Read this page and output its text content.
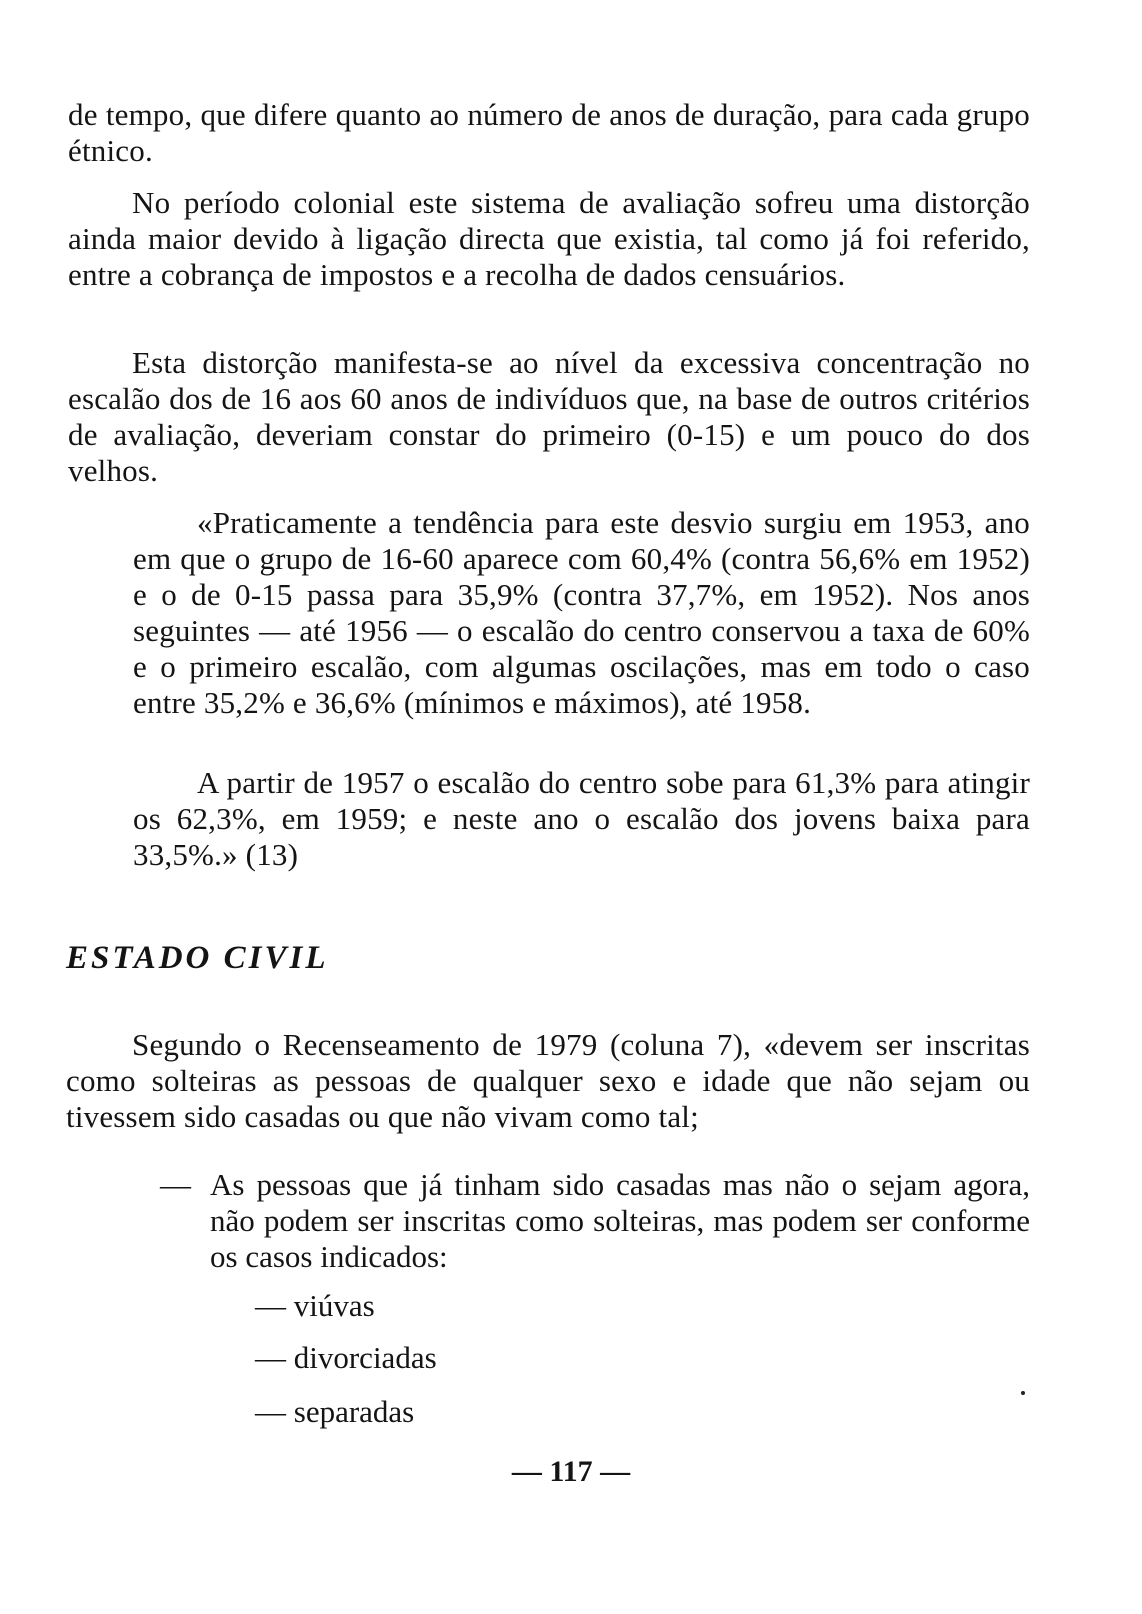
de tempo, que difere quanto ao número de anos de duração, para cada grupo étnico.

No período colonial este sistema de avaliação sofreu uma distorção ainda maior devido à ligação directa que existia, tal como já foi referido, entre a cobrança de impostos e a recolha de dados censuários.

Esta distorção manifesta-se ao nível da excessiva concentração no escalão dos de 16 aos 60 anos de indivíduos que, na base de outros critérios de avaliação, deveriam constar do primeiro (0-15) e um pouco do dos velhos.

«Praticamente a tendência para este desvio surgiu em 1953, ano em que o grupo de 16-60 aparece com 60,4% (contra 56,6% em 1952) e o de 0-15 passa para 35,9% (contra 37,7%, em 1952). Nos anos seguintes — até 1956 — o escalão do centro conservou a taxa de 60% e o primeiro escalão, com algumas oscilações, mas em todo o caso entre 35,2% e 36,6% (mínimos e máximos), até 1958.

A partir de 1957 o escalão do centro sobe para 61,3% para atingir os 62,3%, em 1959; e neste ano o escalão dos jovens baixa para 33,5%.» (13)

ESTADO CIVIL

Segundo o Recenseamento de 1979 (coluna 7), «devem ser inscritas como solteiras as pessoas de qualquer sexo e idade que não sejam ou tivessem sido casadas ou que não vivam como tal;

— As pessoas que já tinham sido casadas mas não o sejam agora, não podem ser inscritas como solteiras, mas podem ser conforme os casos indicados:

— viúvas

— divorciadas

— separadas

— 117 —
